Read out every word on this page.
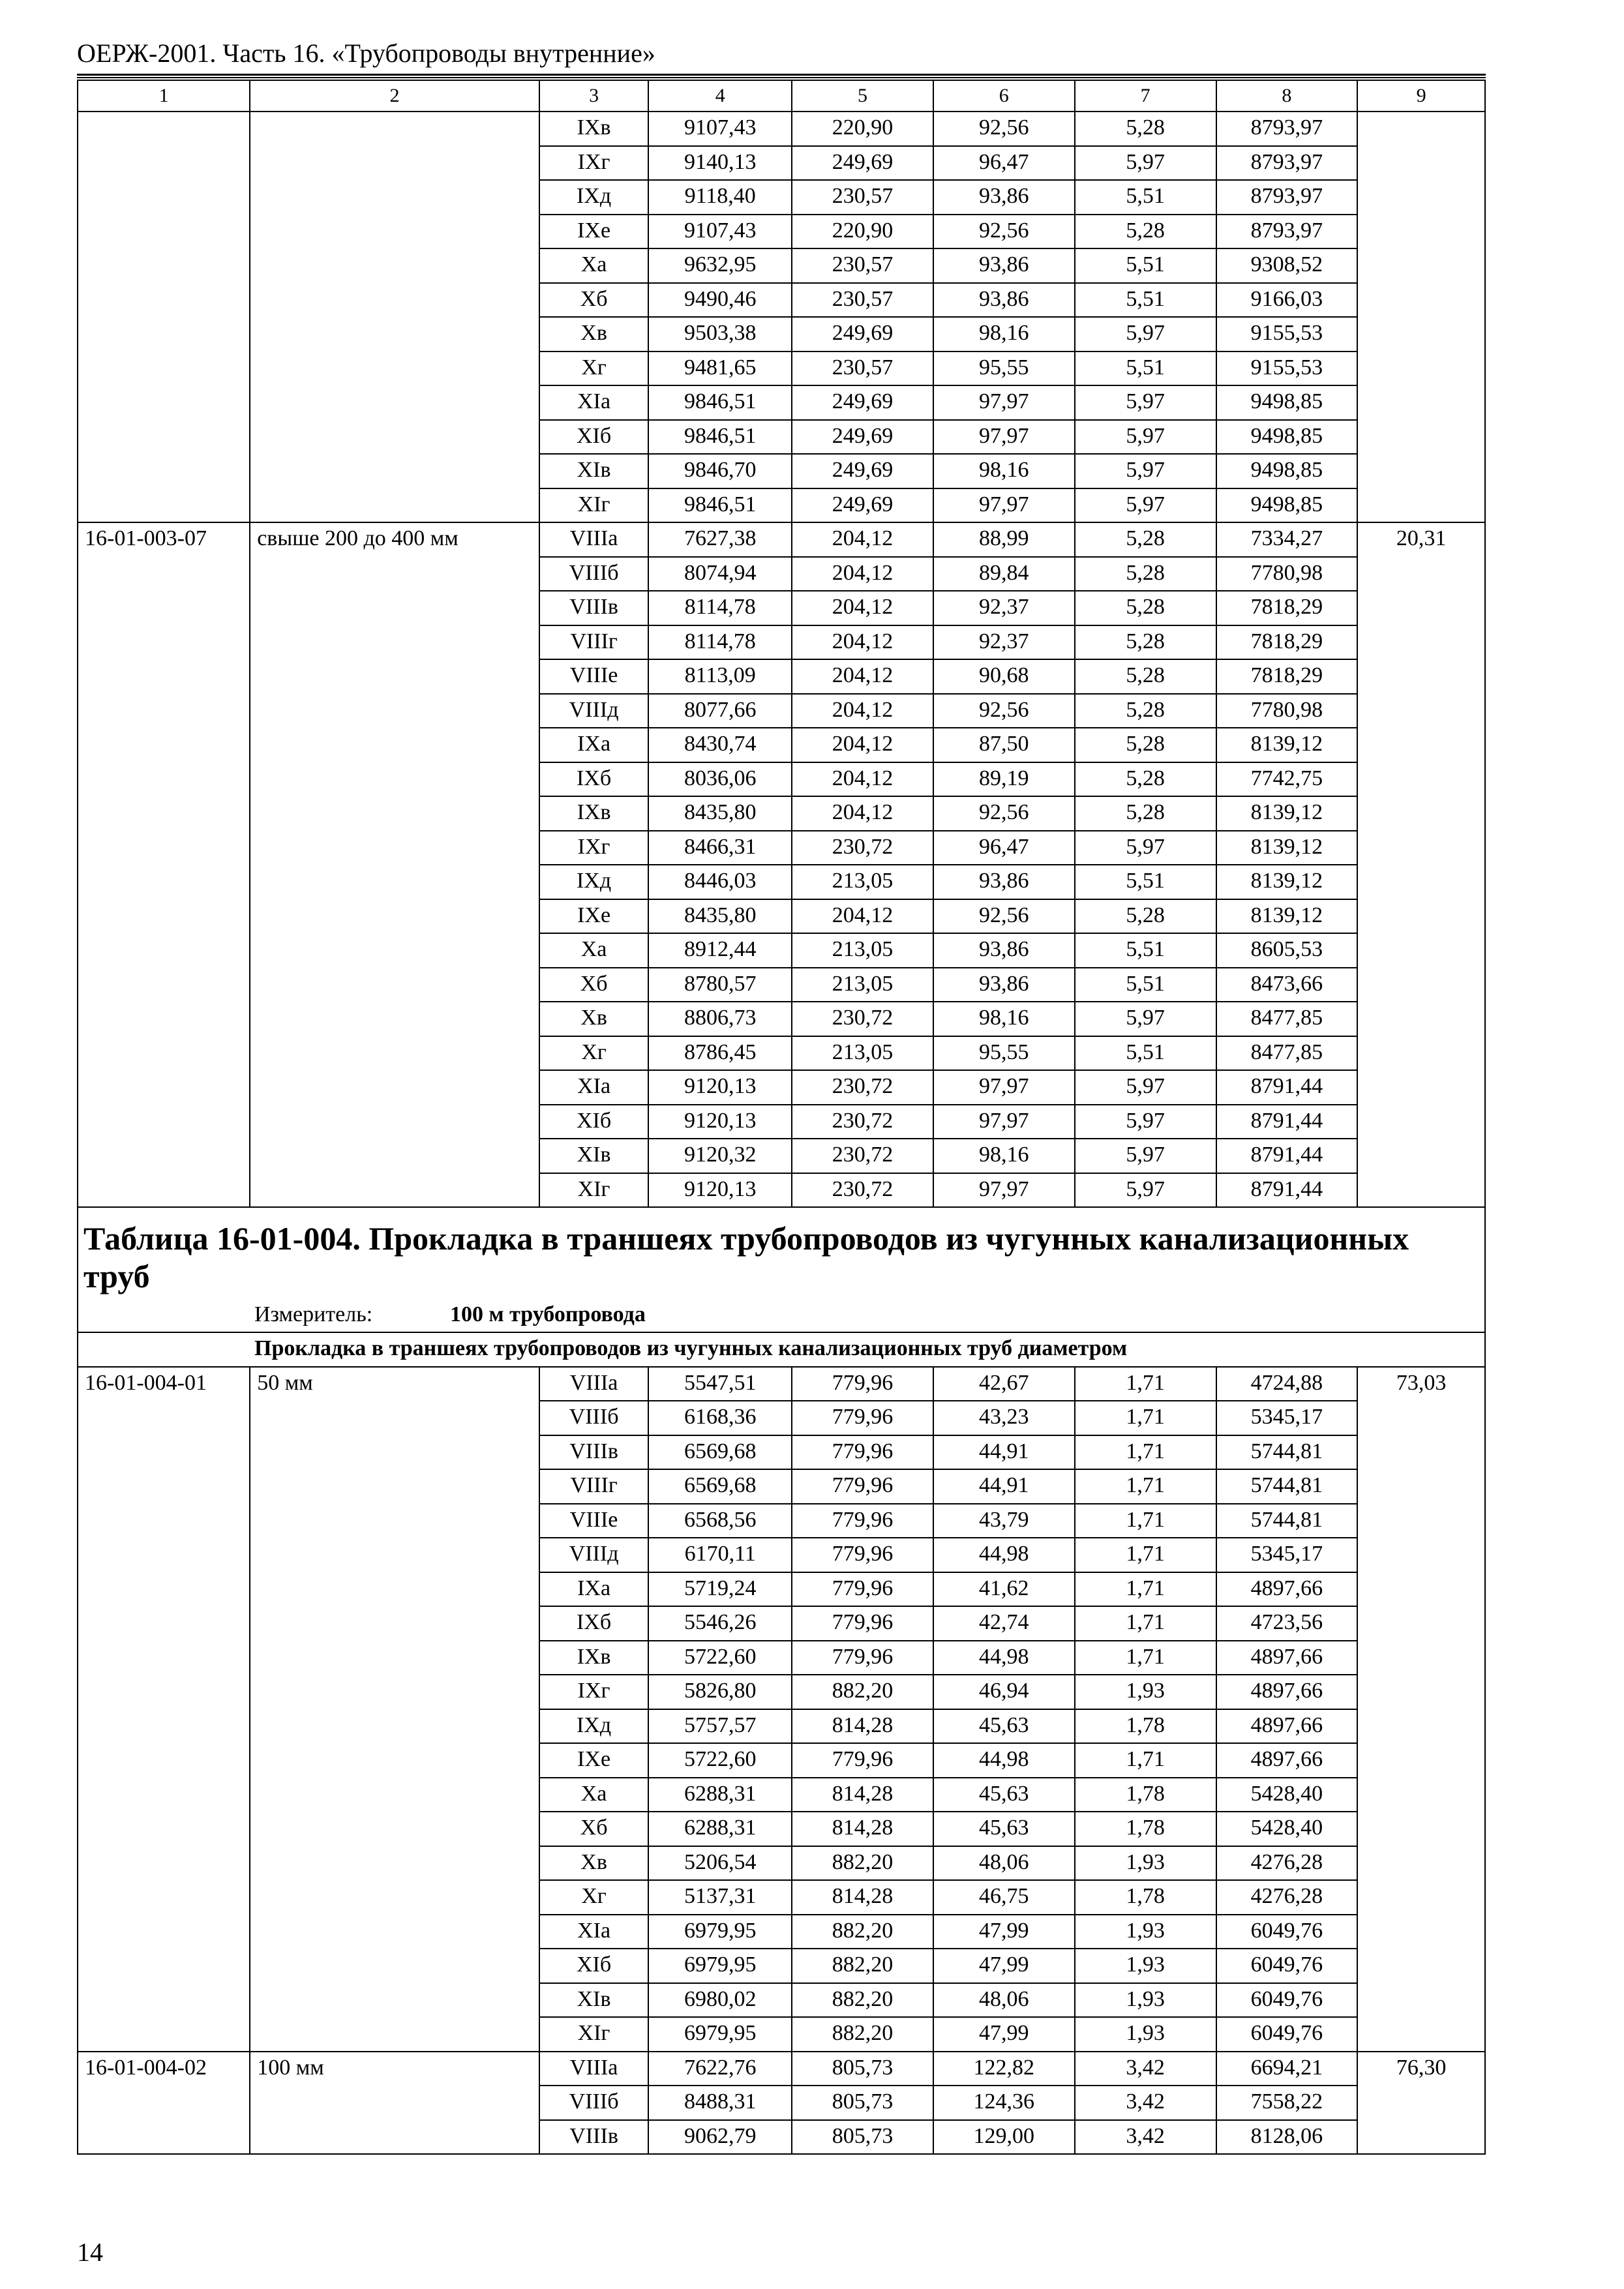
ОЕРЖ-2001. Часть 16. «Трубопроводы внутренние»
1	2	3	4	5	6	7	8	9
		IXв	9107,43	220,90	92,56	5,28	8793,97	
		IXг	9140,13	249,69	96,47	5,97	8793,97	
		IXд	9118,40	230,57	93,86	5,51	8793,97	
		IXе	9107,43	220,90	92,56	5,28	8793,97	
		Xа	9632,95	230,57	93,86	5,51	9308,52	
		Xб	9490,46	230,57	93,86	5,51	9166,03	
		Xв	9503,38	249,69	98,16	5,97	9155,53	
		Xг	9481,65	230,57	95,55	5,51	9155,53	
		XIа	9846,51	249,69	97,97	5,97	9498,85	
		XIб	9846,51	249,69	97,97	5,97	9498,85	
		XIв	9846,70	249,69	98,16	5,97	9498,85	
		XIг	9846,51	249,69	97,97	5,97	9498,85	
16-01-003-07	свыше 200 до 400 мм	VIIIа	7627,38	204,12	88,99	5,28	7334,27	20,31
		VIIIб	8074,94	204,12	89,84	5,28	7780,98	
		VIIIв	8114,78	204,12	92,37	5,28	7818,29	
		VIIIг	8114,78	204,12	92,37	5,28	7818,29	
		VIIIе	8113,09	204,12	90,68	5,28	7818,29	
		VIIIд	8077,66	204,12	92,56	5,28	7780,98	
		IXа	8430,74	204,12	87,50	5,28	8139,12	
		IXб	8036,06	204,12	89,19	5,28	7742,75	
		IXв	8435,80	204,12	92,56	5,28	8139,12	
		IXг	8466,31	230,72	96,47	5,97	8139,12	
		IXд	8446,03	213,05	93,86	5,51	8139,12	
		IXе	8435,80	204,12	92,56	5,28	8139,12	
		Xа	8912,44	213,05	93,86	5,51	8605,53	
		Xб	8780,57	213,05	93,86	5,51	8473,66	
		Xв	8806,73	230,72	98,16	5,97	8477,85	
		Xг	8786,45	213,05	95,55	5,51	8477,85	
		XIа	9120,13	230,72	97,97	5,97	8791,44	
		XIб	9120,13	230,72	97,97	5,97	8791,44	
		XIв	9120,32	230,72	98,16	5,97	8791,44	
		XIг	9120,13	230,72	97,97	5,97	8791,44	

Таблица 16-01-004. Прокладка в траншеях трубопроводов из чугунных канализационных труб
Измеритель: 100 м трубопровода								

Прокладка в траншеях трубопроводов из чугунных канализационных труб диаметром								
16-01-004-01	50 мм	VIIIа	5547,51	779,96	42,67	1,71	4724,88	73,03
		VIIIб	6168,36	779,96	43,23	1,71	5345,17	
		VIIIв	6569,68	779,96	44,91	1,71	5744,81	
		VIIIг	6569,68	779,96	44,91	1,71	5744,81	
		VIIIе	6568,56	779,96	43,79	1,71	5744,81	
		VIIIд	6170,11	779,96	44,98	1,71	5345,17	
		IXа	5719,24	779,96	41,62	1,71	4897,66	
		IXб	5546,26	779,96	42,74	1,71	4723,56	
		IXв	5722,60	779,96	44,98	1,71	4897,66	
		IXг	5826,80	882,20	46,94	1,93	4897,66	
		IXд	5757,57	814,28	45,63	1,78	4897,66	
		IXе	5722,60	779,96	44,98	1,71	4897,66	
		Xа	6288,31	814,28	45,63	1,78	5428,40	
		Xб	6288,31	814,28	45,63	1,78	5428,40	
		Xв	5206,54	882,20	48,06	1,93	4276,28	
		Xг	5137,31	814,28	46,75	1,78	4276,28	
		XIа	6979,95	882,20	47,99	1,93	6049,76	
		XIб	6979,95	882,20	47,99	1,93	6049,76	
		XIв	6980,02	882,20	48,06	1,93	6049,76	
		XIг	6979,95	882,20	47,99	1,93	6049,76	
16-01-004-02	100 мм	VIIIа	7622,76	805,73	122,82	3,42	6694,21	76,30
		VIIIб	8488,31	805,73	124,36	3,42	7558,22	
		VIIIв	9062,79	805,73	129,00	3,42	8128,06	
14
